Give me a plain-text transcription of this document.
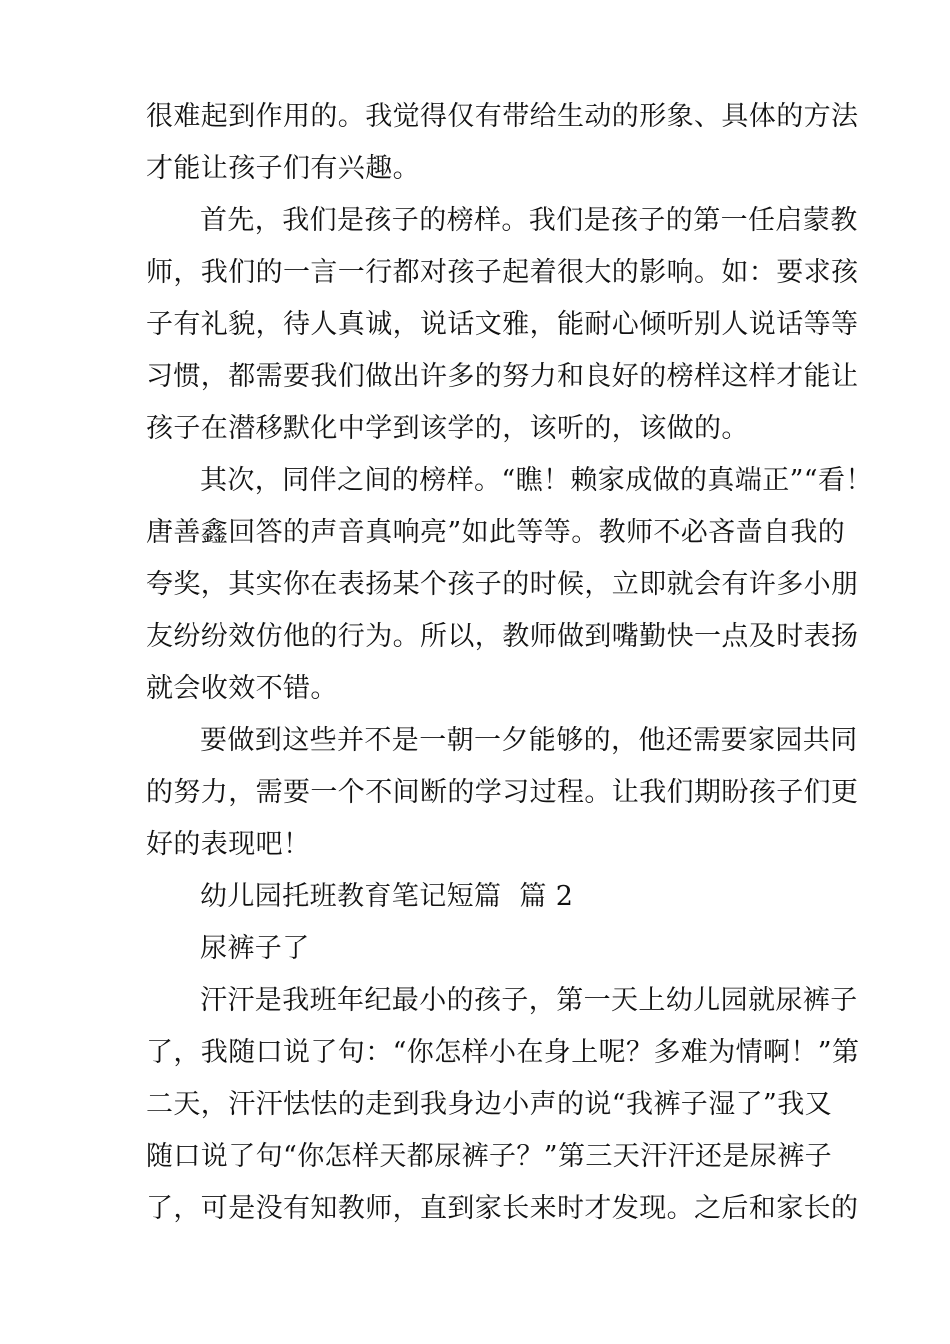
很难起到作用的。我觉得仅有带给生动的形象、具体的方法

才能让孩子们有兴趣。

首先，我们是孩子的榜样。我们是孩子的第一任启蒙教

师，我们的一言一行都对孩子起着很大的影响。如：要求孩

子有礼貌，待人真诚，说话文雅，能耐心倾听别人说话等等

习惯，都需要我们做出许多的努力和良好的榜样这样才能让

孩子在潜移默化中学到该学的，该听的，该做的。

其次，同伴之间的榜样。“瞧！赖家成做的真端正”“看！

唐善鑫回答的声音真响亮”如此等等。教师不必吝啬自我的

夸奖，其实你在表扬某个孩子的时候，立即就会有许多小朋

友纷纷效仿他的行为。所以，教师做到嘴勤快一点及时表扬

就会收效不错。

要做到这些并不是一朝一夕能够的，他还需要家园共同

的努力，需要一个不间断的学习过程。让我们期盼孩子们更

好的表现吧！

幼儿园托班教育笔记短篇  篇 2

尿裤子了

汗汗是我班年纪最小的孩子，第一天上幼儿园就尿裤子

了，我随口说了句：“你怎样小在身上呢？多难为情啊！”第

二天，汗汗怯怯的走到我身边小声的说“我裤子湿了”我又

随口说了句“你怎样天都尿裤子？”第三天汗汗还是尿裤子

了，可是没有知教师，直到家长来时才发现。之后和家长的
